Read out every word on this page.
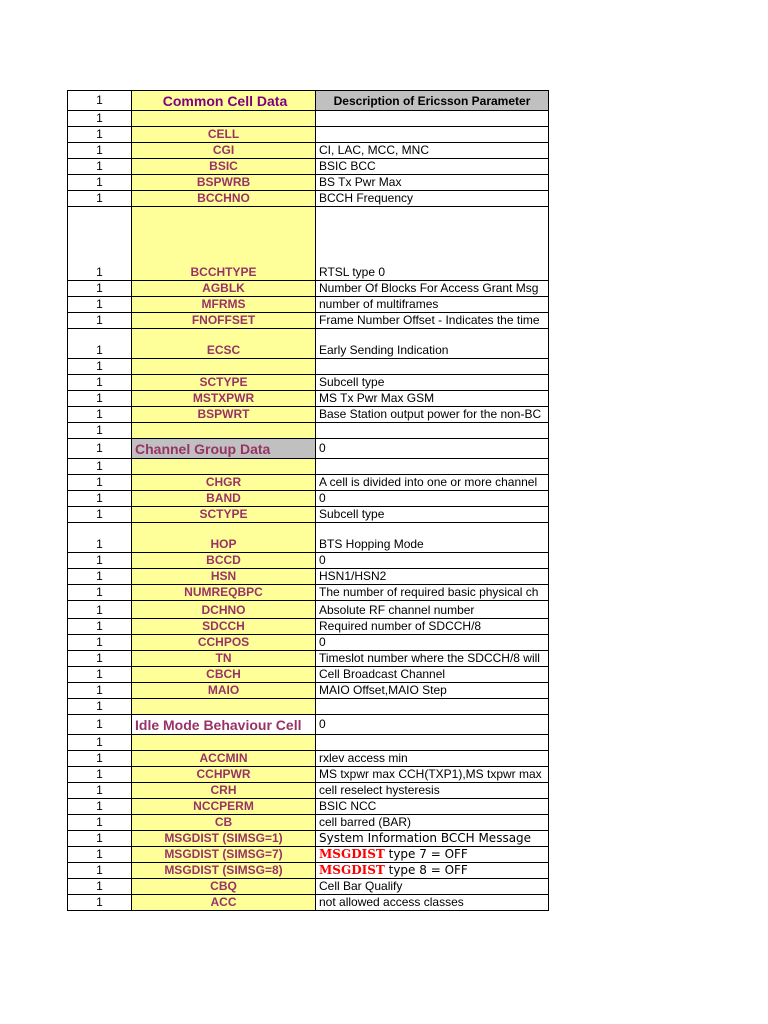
1	Common Cell Data	Description of Ericsson Parameter
1		
1	CELL	
1	CGI	CI, LAC, MCC, MNC
1	BSIC	BSIC BCC
1	BSPWRB	BS Tx Pwr Max
1	BCCHNO	BCCH Frequency
1	BCCHTYPE	RTSL type 0
1	AGBLK	Number Of Blocks For Access Grant Msg
1	MFRMS	number of multiframes
1	FNOFFSET	Frame Number Offset - Indicates the time
1	ECSC	Early Sending Indication
1		
1	SCTYPE	Subcell type
1	MSTXPWR	MS Tx Pwr Max GSM
1	BSPWRT	Base Station output power for the non-BC
1		
1	Channel Group Data	0
1		
1	CHGR	A cell is divided into one or more channel
1	BAND	0
1	SCTYPE	Subcell type
1	HOP	BTS Hopping Mode
1	BCCD	0
1	HSN	HSN1/HSN2
1	NUMREQBPC	The number of required basic physical ch
1	DCHNO	Absolute RF channel number
1	SDCCH	Required number of SDCCH/8
1	CCHPOS	0
1	TN	Timeslot number where the SDCCH/8 will
1	CBCH	Cell Broadcast Channel
1	MAIO	MAIO Offset,MAIO Step
1		
1	Idle Mode Behaviour Cell	0
1		
1	ACCMIN	rxlev access min
1	CCHPWR	MS txpwr max CCH(TXP1),MS txpwr max
1	CRH	cell reselect hysteresis
1	NCCPERM	BSIC NCC
1	CB	cell barred (BAR)
1	MSGDIST (SIMSG=1)	System Information BCCH Message
1	MSGDIST (SIMSG=7)	MSGDIST type 7 = OFF
1	MSGDIST (SIMSG=8)	MSGDIST type 8 = OFF
1	CBQ	Cell Bar Qualify
1	ACC	not allowed access classes
